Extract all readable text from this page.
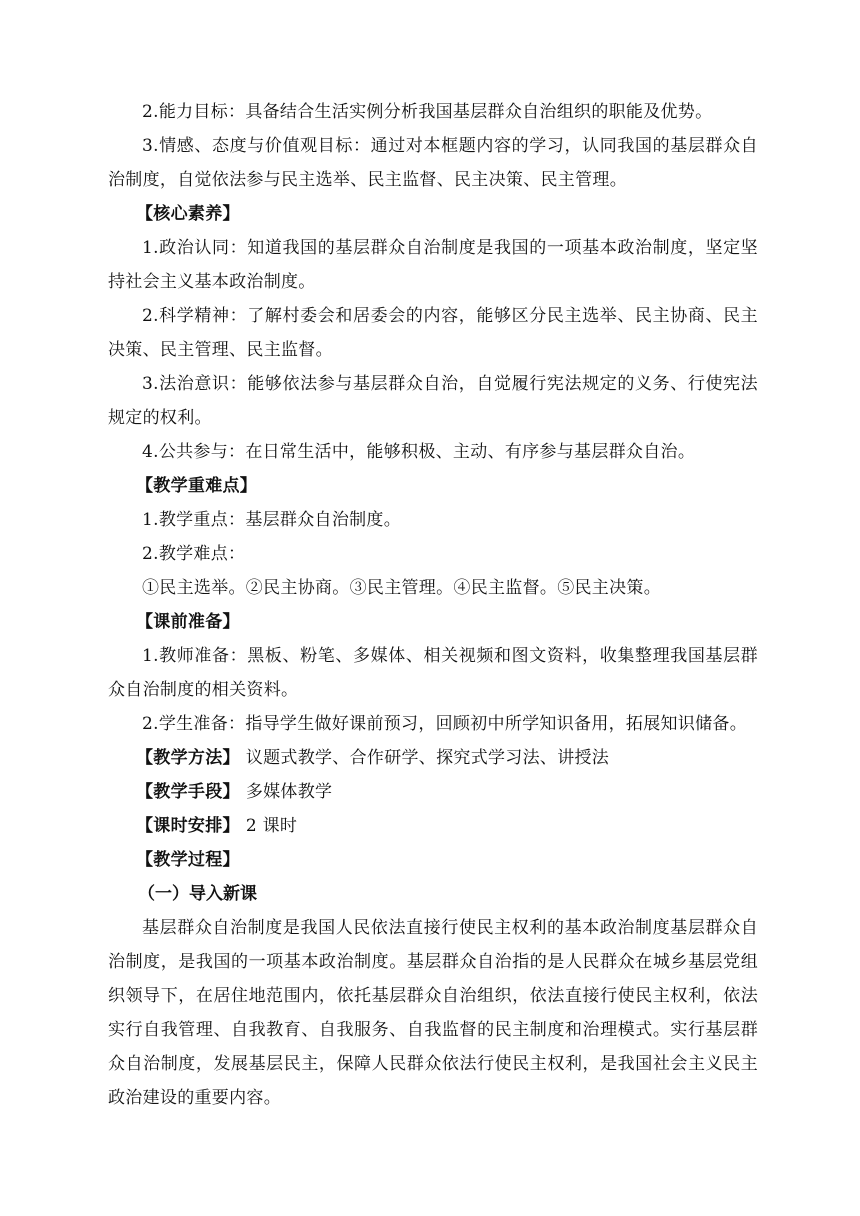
2.能力目标：具备结合生活实例分析我国基层群众自治组织的职能及优势。

3.情感、态度与价值观目标：通过对本框题内容的学习，认同我国的基层群众自治制度，自觉依法参与民主选举、民主监督、民主决策、民主管理。

【核心素养】

1.政治认同：知道我国的基层群众自治制度是我国的一项基本政治制度，坚定坚持社会主义基本政治制度。

2.科学精神：了解村委会和居委会的内容，能够区分民主选举、民主协商、民主决策、民主管理、民主监督。

3.法治意识：能够依法参与基层群众自治，自觉履行宪法规定的义务、行使宪法规定的权利。

4.公共参与：在日常生活中，能够积极、主动、有序参与基层群众自治。

【教学重难点】

1.教学重点：基层群众自治制度。

2.教学难点：

①民主选举。②民主协商。③民主管理。④民主监督。⑤民主决策。

【课前准备】

1.教师准备：黑板、粉笔、多媒体、相关视频和图文资料，收集整理我国基层群众自治制度的相关资料。

2.学生准备：指导学生做好课前预习，回顾初中所学知识备用，拓展知识储备。

【教学方法】 议题式教学、合作研学、探究式学习法、讲授法

【教学手段】 多媒体教学

【课时安排】 2 课时

【教学过程】

（一）导入新课

基层群众自治制度是我国人民依法直接行使民主权利的基本政治制度基层群众自治制度，是我国的一项基本政治制度。基层群众自治指的是人民群众在城乡基层党组织领导下，在居住地范围内，依托基层群众自治组织，依法直接行使民主权利，依法实行自我管理、自我教育、自我服务、自我监督的民主制度和治理模式。实行基层群众自治制度，发展基层民主，保障人民群众依法行使民主权利，是我国社会主义民主政治建设的重要内容。
